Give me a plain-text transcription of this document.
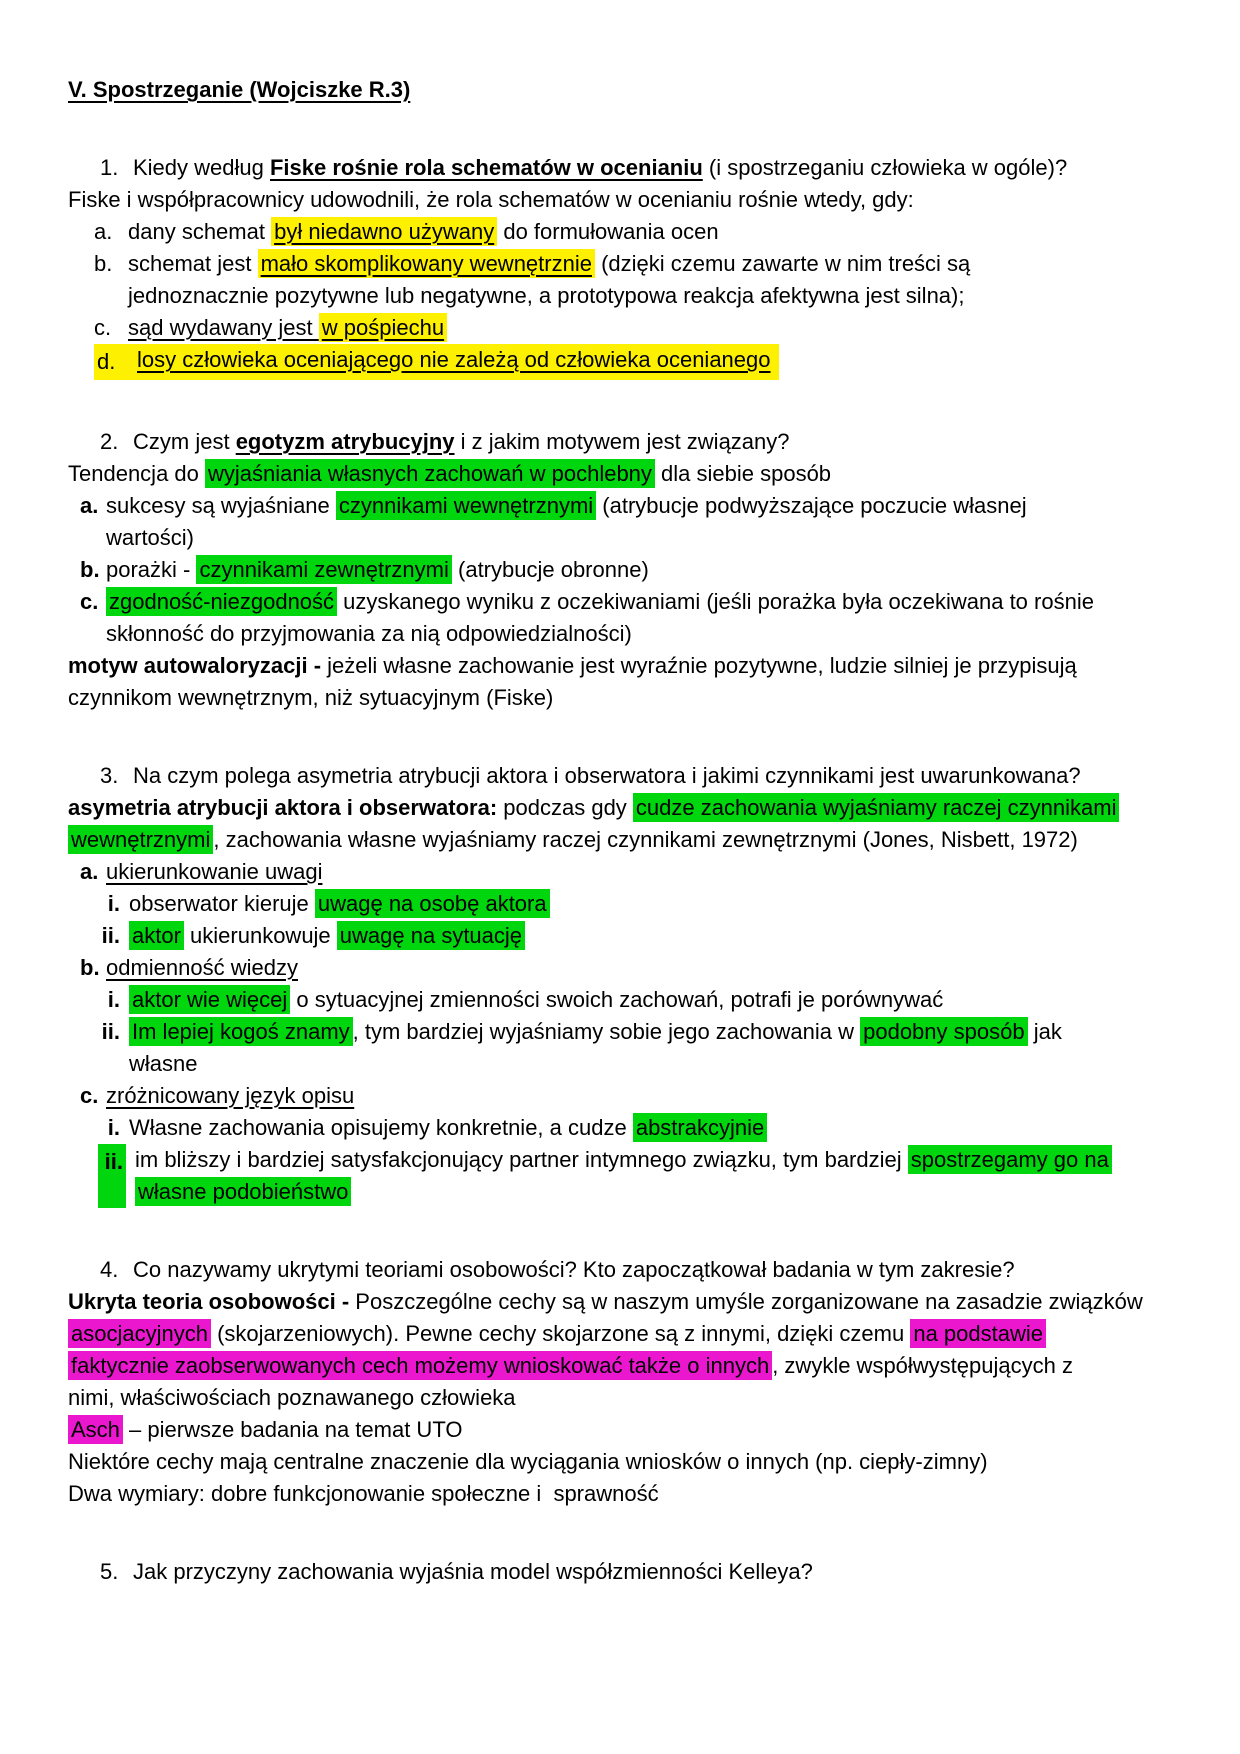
V. Spostrzeganie (Wojciszke R.3)
1. Kiedy według Fiske rośnie rola schematów w ocenianiu (i spostrzeganiu człowieka w ogóle)?
Fiske i współpracownicy udowodnili, że rola schematów w ocenianiu rośnie wtedy, gdy:
a. dany schemat był niedawno używany do formułowania ocen
b. schemat jest mało skomplikowany wewnętrznie (dzięki czemu zawarte w nim treści są
jednoznacznie pozytywne lub negatywne, a prototypowa reakcja afektywna jest silna);
c. sąd wydawany jest w pośpiechu
d. losy człowieka oceniającego nie zależą od człowieka ocenianego
2. Czym jest egotyzm atrybucyjny i z jakim motywem jest związany?
Tendencja do wyjaśniania własnych zachowań w pochlebny dla siebie sposób
a. sukcesy są wyjaśniane czynnikami wewnętrznymi (atrybucje podwyższające poczucie własnej
wartości)
b. porażki - czynnikami zewnętrznymi (atrybucje obronne)
c. zgodność-niezgodność uzyskanego wyniku z oczekiwaniami (jeśli porażka była oczekiwana to rośnie
skłonność do przyjmowania za nią odpowiedzialności)
motyw autowaloryzacji - jeżeli własne zachowanie jest wyraźnie pozytywne, ludzie silniej je przypisują
czynnikom wewnętrznym, niż sytuacyjnym (Fiske)
3. Na czym polega asymetria atrybucji aktora i obserwatora i jakimi czynnikami jest uwarunkowana?
asymetria atrybucji aktora i obserwatora: podczas gdy cudze zachowania wyjaśniamy raczej czynnikami
wewnętrznymi , zachowania własne wyjaśniamy raczej czynnikami zewnętrznymi (Jones, Nisbett, 1972)
a. ukierunkowanie uwagi
i. obserwator kieruje uwagę na osobę aktora
ii. aktor ukierunkowuje uwagę na sytuację
b. odmienność wiedzy
i. aktor wie więcej o sytuacyjnej zmienności swoich zachowań, potrafi je porównywać
ii. Im lepiej kogoś znamy , tym bardziej wyjaśniamy sobie jego zachowania w podobny sposób jak
własne
c. zróżnicowany język opisu
i. Własne zachowania opisujemy konkretnie, a cudze abstrakcyjnie
ii. im bliższy i bardziej satysfakcjonujący partner intymnego związku, tym bardziej spostrzegamy go na
własne podobieństwo
4. Co nazywamy ukrytymi teoriami osobowości? Kto zapoczątkował badania w tym zakresie?
Ukryta teoria osobowości - Poszczególne cechy są w naszym umyśle zorganizowane na zasadzie związków
asocjacyjnych (skojarzeniowych). Pewne cechy skojarzone są z innymi, dzięki czemu na podstawie
faktycznie zaobserwowanych cech możemy wnioskować także o innych , zwykle współwystępujących z
nimi, właściwościach poznawanego człowieka
Asch – pierwsze badania na temat UTO
Niektóre cechy mają centralne znaczenie dla wyciągania wniosków o innych (np. ciepły-zimny)
Dwa wymiary: dobre funkcjonowanie społeczne i  sprawność
5. Jak przyczyny zachowania wyjaśnia model współzmienności Kelleya?
